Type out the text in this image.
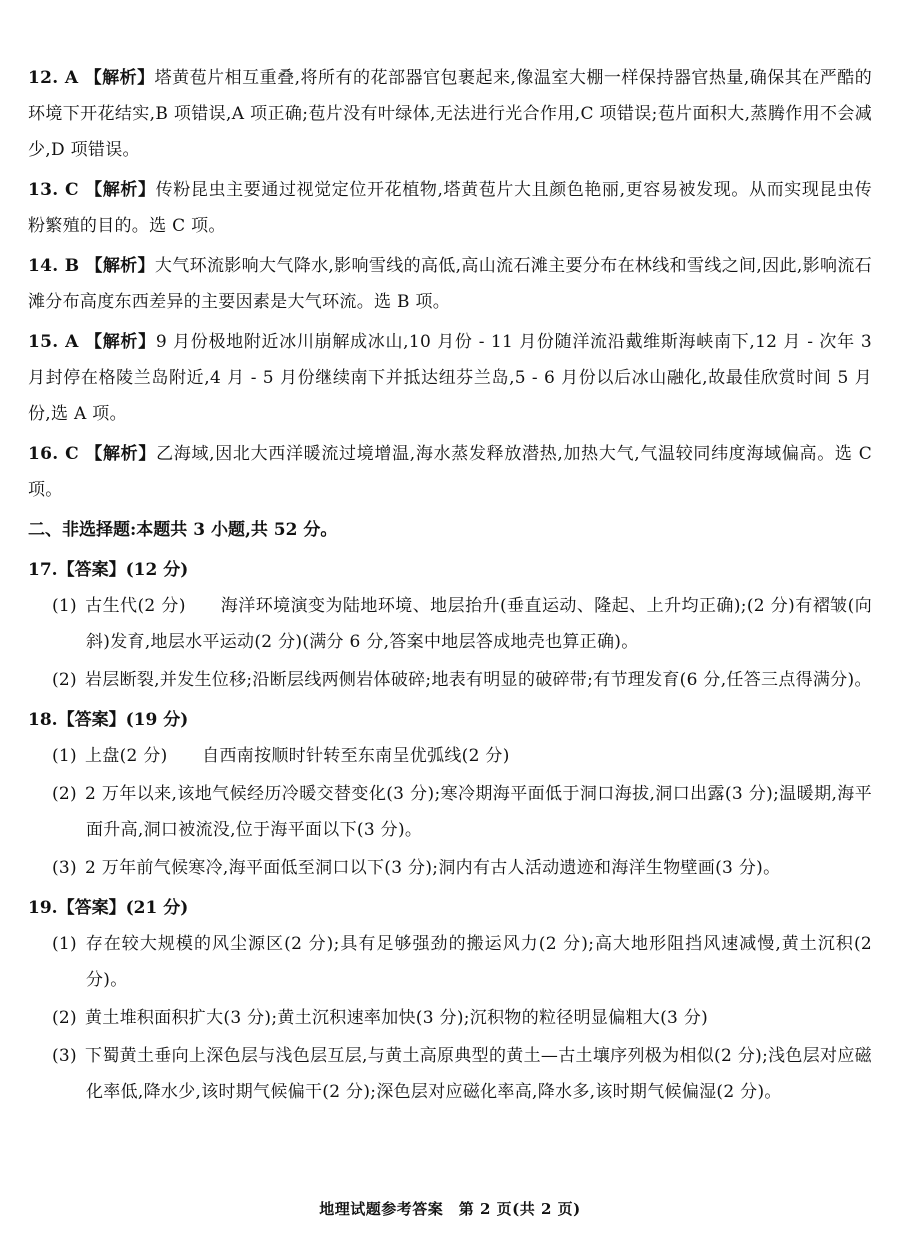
12. A 【解析】塔黄苞片相互重叠,将所有的花部器官包裹起来,像温室大棚一样保持器官热量,确保其在严酷的环境下开花结实,B 项错误,A 项正确;苞片没有叶绿体,无法进行光合作用,C 项错误;苞片面积大,蒸腾作用不会减少,D 项错误。
13. C 【解析】传粉昆虫主要通过视觉定位开花植物,塔黄苞片大且颜色艳丽,更容易被发现。从而实现昆虫传粉繁殖的目的。选 C 项。
14. B 【解析】大气环流影响大气降水,影响雪线的高低,高山流石滩主要分布在林线和雪线之间,因此,影响流石滩分布高度东西差异的主要因素是大气环流。选 B 项。
15. A 【解析】9 月份极地附近冰川崩解成冰山,10 月份 - 11 月份随洋流沿戴维斯海峡南下,12 月 - 次年 3 月封停在格陵兰岛附近,4 月 - 5 月份继续南下并抵达纽芬兰岛,5 - 6 月份以后冰山融化,故最佳欣赏时间 5 月份,选 A 项。
16. C 【解析】乙海域,因北大西洋暖流过境增温,海水蒸发释放潜热,加热大气,气温较同纬度海域偏高。选 C 项。
二、非选择题:本题共 3 小题,共 52 分。
17.【答案】(12 分)
(1) 古生代(2 分)　　海洋环境演变为陆地环境、地层抬升(垂直运动、隆起、上升均正确);(2 分)有褶皱(向斜)发育,地层水平运动(2 分)(满分 6 分,答案中地层答成地壳也算正确)。
(2) 岩层断裂,并发生位移;沿断层线两侧岩体破碎;地表有明显的破碎带;有节理发育(6 分,任答三点得满分)。
18.【答案】(19 分)
(1) 上盘(2 分)　　自西南按顺时针转至东南呈优弧线(2 分)
(2) 2 万年以来,该地气候经历冷暖交替变化(3 分);寒冷期海平面低于洞口海拔,洞口出露(3 分);温暖期,海平面升高,洞口被流没,位于海平面以下(3 分)。
(3) 2 万年前气候寒冷,海平面低至洞口以下(3 分);洞内有古人活动遗迹和海洋生物壁画(3 分)。
19.【答案】(21 分)
(1) 存在较大规模的风尘源区(2 分);具有足够强劲的搬运风力(2 分);高大地形阻挡风速减慢,黄土沉积(2 分)。
(2) 黄土堆积面积扩大(3 分);黄土沉积速率加快(3 分);沉积物的粒径明显偏粗大(3 分)
(3) 下蜀黄土垂向上深色层与浅色层互层,与黄土高原典型的黄土—古土壤序列极为相似(2 分);浅色层对应磁化率低,降水少,该时期气候偏干(2 分);深色层对应磁化率高,降水多,该时期气候偏湿(2 分)。
地理试题参考答案　第 2 页(共 2 页)
